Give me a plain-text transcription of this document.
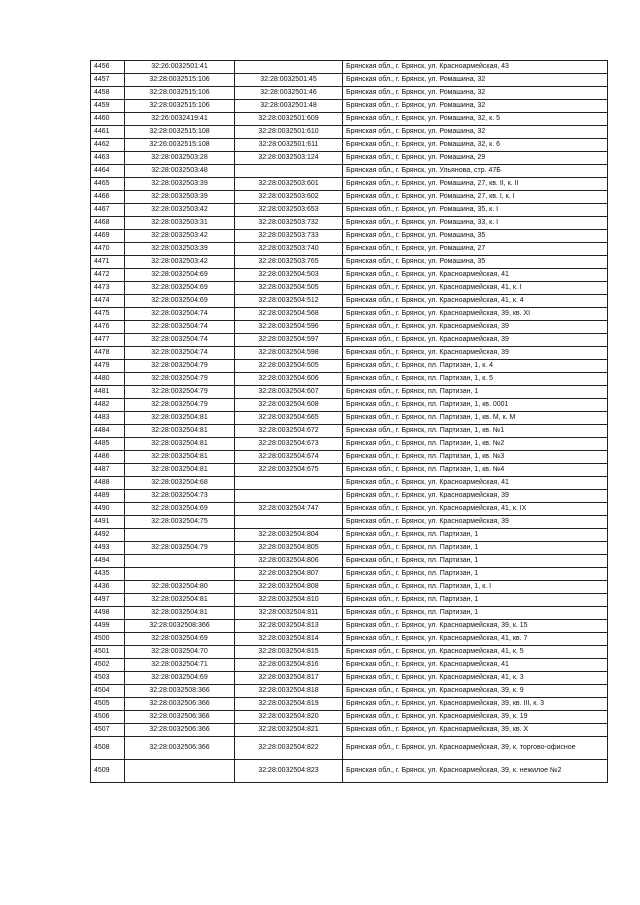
4456	32:26:0032501:41		Брянская обл., г. Брянск, ул. Красноармейская, 43
4457	32:28:0032515:106	32:28:0032501:45	Брянская обл., г. Брянск, ул. Ромашина, 32
4458	32:28:0032515:106	32:28:0032501:46	Брянская обл., г. Брянск, ул. Ромашина, 32
4459	32:28:0032515:106	32:28:0032501:48	Брянская обл., г. Брянск, ул. Ромашина, 32
4460	32:26:0032419:41	32:28:0032501:609	Брянская обл., г. Брянск, ул. Ромашина, 32, к. 5
4461	32:28:0032515:108	32:28:0032501:610	Брянская обл., г. Брянск, ул. Ромашина, 32
4462	32:26:0032515:108	32:28:0032501:611	Брянская обл., г. Брянск, ул. Ромашина, 32, к. 6
4463	32:28:0032503:28	32:28:0032503:124	Брянская обл., г. Брянск, ул. Ромашина, 29
4464	32:28:0032503:48		Брянская обл., г. Брянск, ул. Ульянова, стр. 47Б
4465	32:28:0032503:39	32:28:0032503:601	Брянская обл., г. Брянск, ул. Ромашина, 27, кв. II, к. II
4466	32:28:0032503:39	32:28:0032503:602	Брянская обл., г. Брянск, ул. Ромашина, 27, кв. I, к. I
4467	32:28:0032503:42	32:28:0032503:653	Брянская обл., г. Брянск, ул. Ромашина, 35, к. I
4468	32:28:0032503:31	32:28:0032503:732	Брянская обл., г. Брянск, ул. Ромашина, 33, к. I
4469	32:28:0032503:42	32:28:0032503:733	Брянская обл., г. Брянск, ул. Ромашина, 35
4470	32:28:0032503:39	32:28:0032503:740	Брянская обл., г. Брянск, ул. Ромашина, 27
4471	32:28:0032503:42	32:28:0032503:765	Брянская обл., г. Брянск, ул. Ромашина, 35
4472	32:28:0032504:69	32:28:0032504:503	Брянская обл., г. Брянск, ул. Красноармейская, 41
4473	32:28:0032504:69	32:28:0032504:505	Брянская обл., г. Брянск, ул. Красноармейская, 41, к. I
4474	32:28:0032504:69	32:28:0032504:512	Брянская обл., г. Брянск, ул. Красноармейская, 41, к. 4
4475	32:28:0032504:74	32:28:0032504:568	Брянская обл., г. Брянск, ул. Красноармейская, 39, кв. XI
4476	32:28:0032504:74	32:28:0032504:596	Брянская обл., г. Брянск, ул. Красноармейская, 39
4477	32:28:0032504:74	32:28:0032504:597	Брянская обл., г. Брянск, ул. Красноармейская, 39
4478	32:28:0032504:74	32:28:0032504:598	Брянская обл., г. Брянск, ул. Красноармейская, 39
4479	32:28:0032504:79	32:28:0032504:605	Брянская обл., г. Брянск, пл. Партизан, 1, к. 4
4480	32:28:0032504:79	32:28:0032504:606	Брянская обл., г. Брянск, пл. Партизан, 1, к. 5
4481	32:28:0032504:79	32:28:0032504:607	Брянская обл., г. Брянск, пл. Партизан, 1
4482	32:28:0032504:79	32:28:0032504:608	Брянская обл., г. Брянск, пл. Партизан, 1, кв. 0001
4483	32:28:0032504:81	32:28:0032504:665	Брянская обл., г. Брянск, пл. Партизан, 1, кв. М, к. М
4484	32:28:0032504:81	32:28:0032504:672	Брянская обл., г. Брянск, пл. Партизан, 1, кв. №1
4485	32:28:0032504:81	32:28:0032504:673	Брянская обл., г. Брянск, пл. Партизан, 1, кв. №2
4486	32:28:0032504:81	32:28:0032504:674	Брянская обл., г. Брянск, пл. Партизан, 1, кв. №3
4487	32:28:0032504:81	32:28:0032504:675	Брянская обл., г. Брянск, пл. Партизан, 1, кв. №4
4488	32:28:0032504:68		Брянская обл., г. Брянск, ул. Красноармейская, 41
4489	32:28:0032504:73		Брянская обл., г. Брянск, ул. Красноармейская, 39
4490	32:28:0032504:69	32:28:0032504:747	Брянская обл., г. Брянск, ул. Красноармейская, 41, к. IX
4491	32:28:0032504:75		Брянская обл., г. Брянск, ул. Красноармейская, 39
4492		32:28:0032504:804	Брянская обл., г. Брянск, пл. Партизан, 1
4493	32:28:0032504:79	32:28:0032504:805	Брянская обл., г. Брянск, пл. Партизан, 1
4494		32:28:0032504:806	Брянская обл., г. Брянск, пл. Партизан, 1
4435		32:28:0032504:807	Брянская обл., г. Брянск, пл. Партизан, 1
4436	32:28:0032504:80	32:28:0032504:808	Брянская обл., г. Брянск, пл. Партизан, 1, к. I
4497	32:28:0032504:81	32:28:0032504:810	Брянская обл., г. Брянск, пл. Партизан, 1
4498	32:28:0032504:81	32:28:0032504:811	Брянская обл., г. Брянск, пл. Партизан, 1
4499	32:28:0032508:366	32:28:0032504:813	Брянская обл., г. Брянск, ул. Красноармейская, 39, к. 15
4500	32:28:0032504:69	32:28:0032504:814	Брянская обл., г. Брянск, ул. Красноармейская, 41, кв. 7
4501	32:28:0032504:70	32:28:0032504:815	Брянская обл., г. Брянск, ул. Красноармейская, 41, к. 5
4502	32:28:0032504:71	32:28:0032504:816	Брянская обл., г. Брянск, ул. Красноармейская, 41
4503	32:28:0032504:69	32:28:0032504:817	Брянская обл., г. Брянск, ул. Красноармейская, 41, к. 3
4504	32:28:0032508:366	32:28:0032504:818	Брянская обл., г. Брянск, ул. Красноармейская, 39, к. 9
4505	32:28:0032506:366	32:28:0032504:819	Брянская обл., г. Брянск, ул. Красноармейская, 39, кв. III, к. 3
4506	32:28:0032506:366	32:28:0032504:820	Брянская обл., г. Брянск, ул. Красноармейская, 39, к. 19
4507	32:28:0032506:366	32:28:0032504:821	Брянская обл., г. Брянск, ул. Красноармейская, 39, кв. X
4508	32:28:0032506:366	32:28:0032504:822	Брянская обл., г. Брянск, ул. Красноармейская, 39, к. торгово-офисное
4509		32:28:0032504:823	Брянская обл., г. Брянск, ул. Красноармейская, 39, к. нежилое №2
